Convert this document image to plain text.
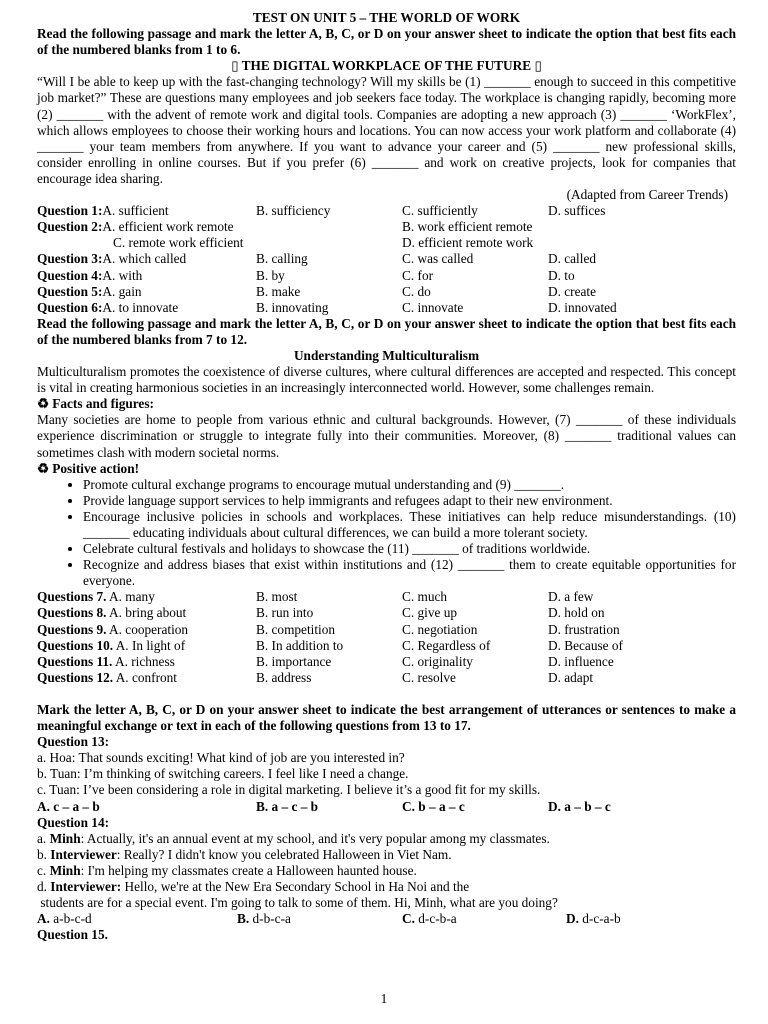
TEST ON UNIT 5 – THE WORLD OF WORK

Read the following passage and mark the letter A, B, C, or D on your answer sheet to indicate the option that best fits each of the numbered blanks from 1 to 6.

▯ THE DIGITAL WORKPLACE OF THE FUTURE ▯

“Will I be able to keep up with the fast-changing technology? Will my skills be (1) _______ enough to succeed in this competitive job market?” These are questions many employees and job seekers face today. The workplace is changing rapidly, becoming more (2) _______ with the advent of remote work and digital tools. Companies are adopting a new approach (3) _______ ‘WorkFlex’, which allows employees to choose their working hours and locations. You can now access your work platform and collaborate (4) _______ your team members from anywhere. If you want to advance your career and (5) _______ new professional skills, consider enrolling in online courses. But if you prefer (6) _______ and work on creative projects, look for companies that encourage idea sharing.

(Adapted from Career Trends)

Question 1:A. sufficient	B. sufficiency	C. sufficiently	D. suffices
Question 2:A. efficient work remote	B. work efficient remote
C. remote work efficient	D. efficient remote work
Question 3:A. which called	B. calling	C. was called	D. called
Question 4:A. with	B. by	C. for	D. to
Question 5:A. gain	B. make	C. do	D. create
Question 6:A. to innovate	B. innovating	C. innovate	D. innovated

Read the following passage and mark the letter A, B, C, or D on your answer sheet to indicate the option that best fits each of the numbered blanks from 7 to 12.

Understanding Multiculturalism

Multiculturalism promotes the coexistence of diverse cultures, where cultural differences are accepted and respected. This concept is vital in creating harmonious societies in an increasingly interconnected world. However, some challenges remain.

♻ Facts and figures:

Many societies are home to people from various ethnic and cultural backgrounds. However, (7) _______ of these individuals experience discrimination or struggle to integrate fully into their communities. Moreover, (8) _______ traditional values can sometimes clash with modern societal norms.

♻ Positive action!

• Promote cultural exchange programs to encourage mutual understanding and (9) _______.
• Provide language support services to help immigrants and refugees adapt to their new environment.
• Encourage inclusive policies in schools and workplaces. These initiatives can help reduce misunderstandings. (10) _______ educating individuals about cultural differences, we can build a more tolerant society.
• Celebrate cultural festivals and holidays to showcase the (11) _______ of traditions worldwide.
• Recognize and address biases that exist within institutions and (12) _______ them to create equitable opportunities for everyone.
Questions 7. A. many	B. most	C. much	D. a few
Questions 8. A. bring about	B. run into	C. give up	D. hold on
Questions 9. A. cooperation	B. competition	C. negotiation	D. frustration
Questions 10. A. In light of	B. In addition to	C. Regardless of	D. Because of
Questions 11. A. richness	B. importance	C. originality	D. influence
Questions 12. A. confront	B. address	C. resolve	D. adapt

Mark the letter A, B, C, or D on your answer sheet to indicate the best arrangement of utterances or sentences to make a meaningful exchange or text in each of the following questions from 13 to 17.

Question 13:

a. Hoa: That sounds exciting! What kind of job are you interested in?

b. Tuan: I’m thinking of switching careers. I feel like I need a change.

c. Tuan: I’ve been considering a role in digital marketing. I believe it’s a good fit for my skills.

A. c – a – b	B. a – c – b	C. b – a – c	D. a – b – c

Question 14:

a. Minh: Actually, it's an annual event at my school, and it's very popular among my classmates.

b. Interviewer: Really? I didn't know you celebrated Halloween in Viet Nam.

c. Minh: I'm helping my classmates create a Halloween haunted house.

d. Interviewer: Hello, we're at the New Era Secondary School in Ha Noi and the

students are for a special event. I'm going to talk to some of them. Hi, Minh, what are you doing?

A. a-b-c-d	B. d-b-c-a	C. d-c-b-a	D. d-c-a-b

Question 15.

1
